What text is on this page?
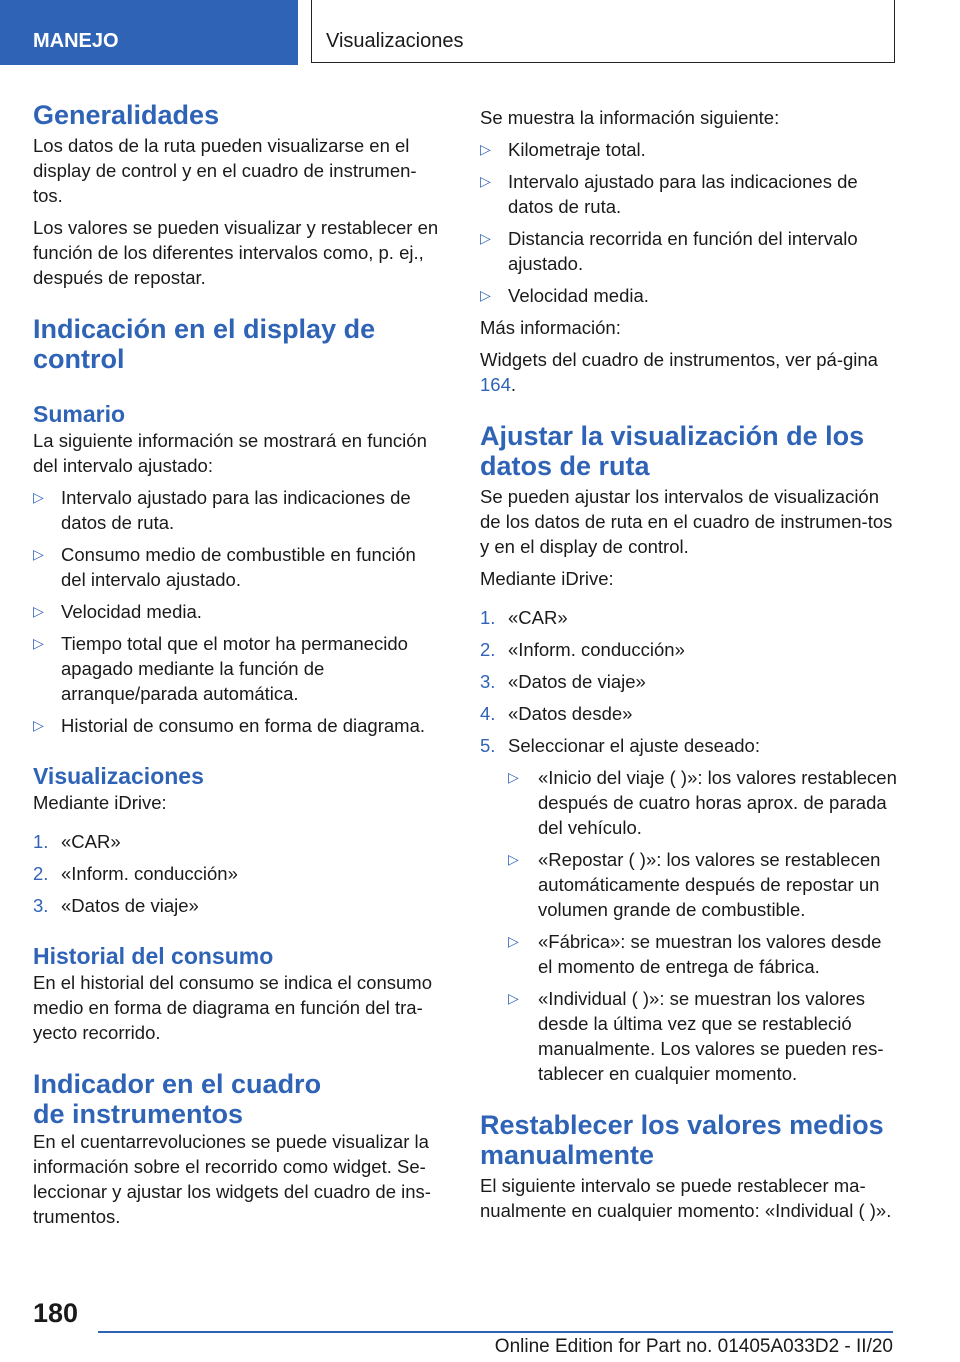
MANEJO	Visualizaciones
Generalidades

Los datos de la ruta pueden visualizarse en el display de control y en el cuadro de instrumen-tos.

Los valores se pueden visualizar y restablecer en función de los diferentes intervalos como, p. ej., después de repostar.

Indicación en el display de control
Sumario

La siguiente información se mostrará en función del intervalo ajustado:

▷ Intervalo ajustado para las indicaciones de datos de ruta.
▷ Consumo medio de combustible en función del intervalo ajustado.
▷ Velocidad media.
▷ Tiempo total que el motor ha permanecido apagado mediante la función de arranque/parada automática.
▷ Historial de consumo en forma de diagrama.
Visualizaciones

Mediante iDrive:

1. «CAR»
2. «Inform. conducción»
3. «Datos de viaje»
Historial del consumo

En el historial del consumo se indica el consumo medio en forma de diagrama en función del tra-yecto recorrido.

Indicador en el cuadro
de instrumentos

En el cuentarrevoluciones se puede visualizar la información sobre el recorrido como widget. Se-leccionar y ajustar los widgets del cuadro de ins-trumentos.

Se muestra la información siguiente:

▷ Kilometraje total.
▷ Intervalo ajustado para las indicaciones de datos de ruta.
▷ Distancia recorrida en función del intervalo ajustado.
▷ Velocidad media.

Más información:

Widgets del cuadro de instrumentos, ver pá-gina 164.

Ajustar la visualización de los datos de ruta

Se pueden ajustar los intervalos de visualización de los datos de ruta en el cuadro de instrumen-tos y en el display de control.

Mediante iDrive:

1. «CAR»
2. «Inform. conducción»
3. «Datos de viaje»
4. «Datos desde»
5. Seleccionar el ajuste deseado:
▷ «Inicio del viaje ( )»: los valores restablecen después de cuatro horas aprox. de parada del vehículo.
▷ «Repostar ( )»: los valores se restablecen automáticamente después de repostar un volumen grande de combustible.
▷ «Fábrica»: se muestran los valores desde el momento de entrega de fábrica.
▷ «Individual ( )»: se muestran los valores desde la última vez que se restableció manualmente. Los valores se pueden res-tablecer en cualquier momento.
Restablecer los valores medios manualmente

El siguiente intervalo se puede restablecer ma-nualmente en cualquier momento: «Individual ( )».

180
Online Edition for Part no. 01405A033D2 - II/20
